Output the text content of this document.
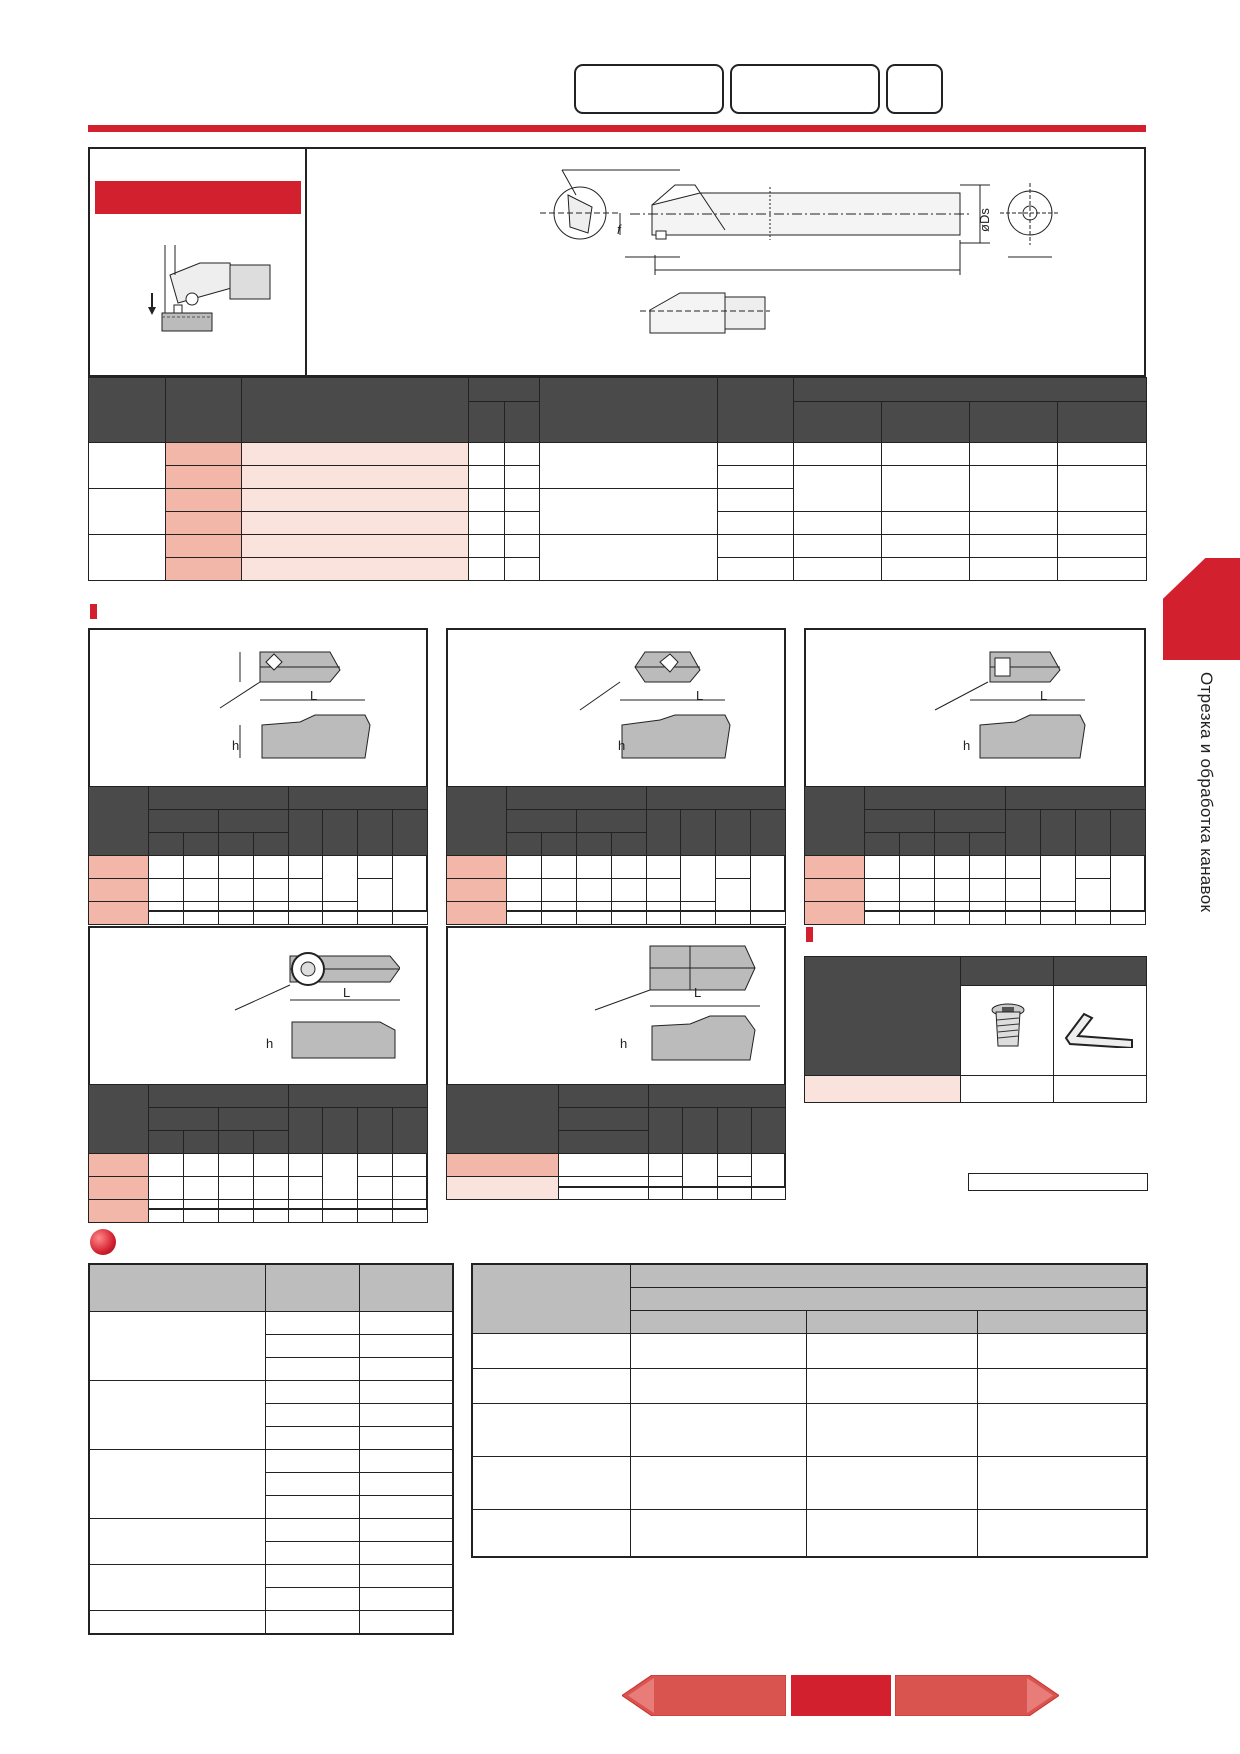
øDs
f

Отрезка и обработка канавок
L
h

L
h

L
h

L
h

L
h
